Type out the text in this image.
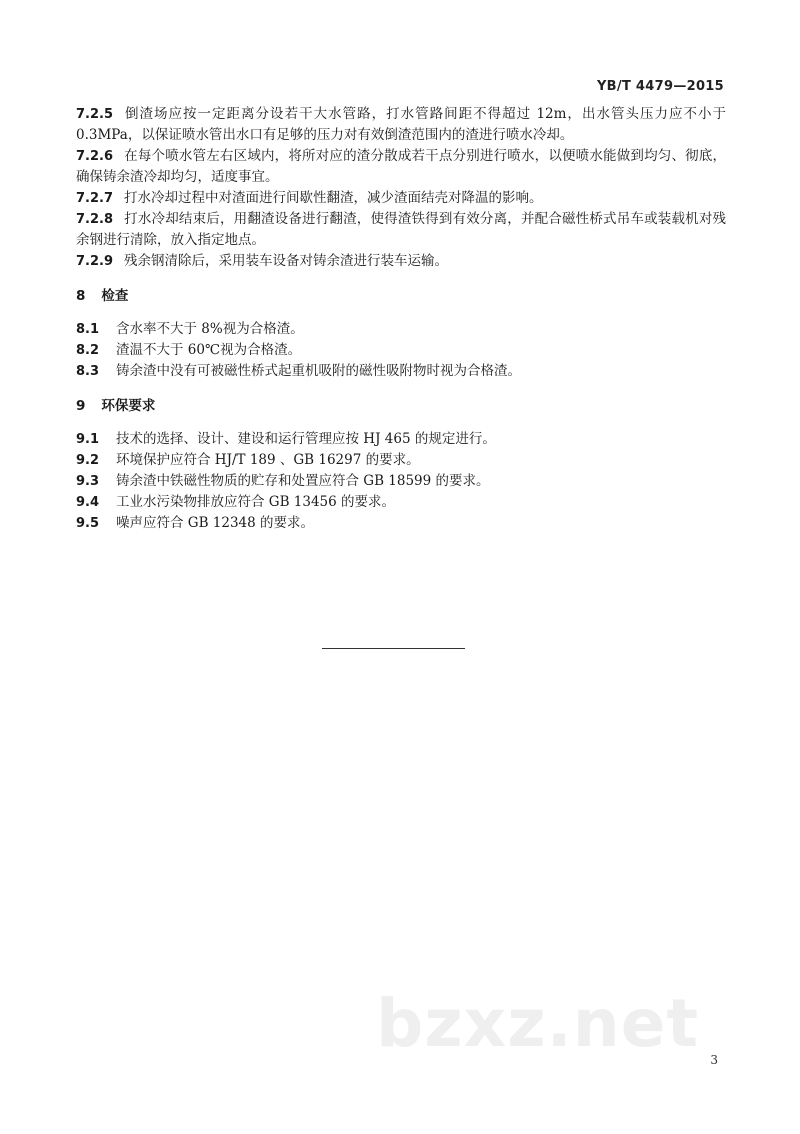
YB/T 4479—2015

7.2.5 倒渣场应按一定距离分设若干大水管路，打水管路间距不得超过 12m，出水管头压力应不小于 0.3MPa，以保证喷水管出水口有足够的压力对有效倒渣范围内的渣进行喷水冷却。

7.2.6 在每个喷水管左右区域内，将所对应的渣分散成若干点分别进行喷水，以便喷水能做到均匀、彻底，确保铸余渣冷却均匀，适度事宜。

7.2.7 打水冷却过程中对渣面进行间歇性翻渣，减少渣面结壳对降温的影响。

7.2.8 打水冷却结束后，用翻渣设备进行翻渣，使得渣铁得到有效分离，并配合磁性桥式吊车或装载机对残余钢进行清除，放入指定地点。

7.2.9 残余钢清除后，采用装车设备对铸余渣进行装车运输。

8 检查

8.1 含水率不大于 8%视为合格渣。

8.2 渣温不大于 60℃视为合格渣。

8.3 铸余渣中没有可被磁性桥式起重机吸附的磁性吸附物时视为合格渣。

9 环保要求

9.1 技术的选择、设计、建设和运行管理应按 HJ 465 的规定进行。

9.2 环境保护应符合 HJ/T 189 、GB 16297 的要求。

9.3 铸余渣中铁磁性物质的贮存和处置应符合 GB 18599 的要求。

9.4 工业水污染物排放应符合 GB 13456 的要求。

9.5 噪声应符合 GB 12348 的要求。

bzxz.net 3
